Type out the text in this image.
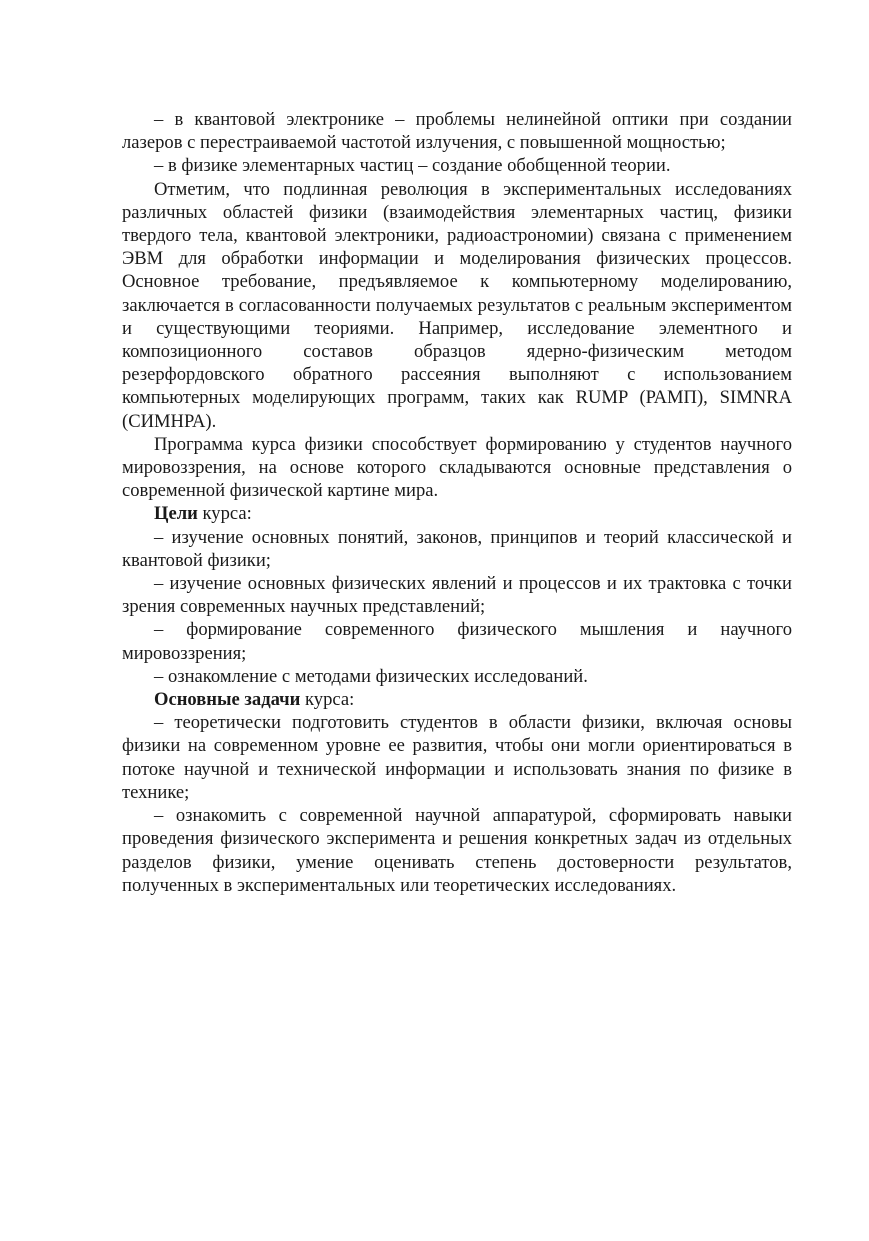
– в квантовой электронике – проблемы нелинейной оптики при создании лазеров с перестраиваемой частотой излучения, с повышенной мощностью;

– в физике элементарных частиц – создание обобщенной теории.

Отметим, что подлинная революция в экспериментальных исследованиях различных областей физики (взаимодействия элементарных частиц, физики твердого тела, квантовой электроники, радиоастрономии) связана с применением ЭВМ для обработки информации и моделирования физических процессов. Основное требование, предъявляемое к компьютерному моделированию, заключается в согласованности получаемых результатов с реальным экспериментом и существующими теориями. Например, исследование элементного и композиционного составов образцов ядерно-физическим методом резерфордовского обратного рассеяния выполняют с использованием компьютерных моделирующих программ, таких как RUMP (РАМП), SIMNRA (СИМНРА).

Программа курса физики способствует формированию у студентов научного мировоззрения, на основе которого складываются основные представления о современной физической картине мира.

Цели курса:

– изучение основных понятий, законов, принципов и теорий классической и квантовой физики;

– изучение основных физических явлений и процессов и их трактовка с точки зрения современных научных представлений;

– формирование современного физического мышления и научного мировоззрения;

– ознакомление с методами физических исследований.

Основные задачи курса:

– теоретически подготовить студентов в области физики, включая основы физики на современном уровне ее развития, чтобы они могли ориентироваться в потоке научной и технической информации и использовать знания по физике в технике;

– ознакомить с современной научной аппаратурой, сформировать навыки проведения физического эксперимента и решения конкретных задач из отдельных разделов физики, умение оценивать степень достоверности результатов, полученных в экспериментальных или теоретических исследованиях.
